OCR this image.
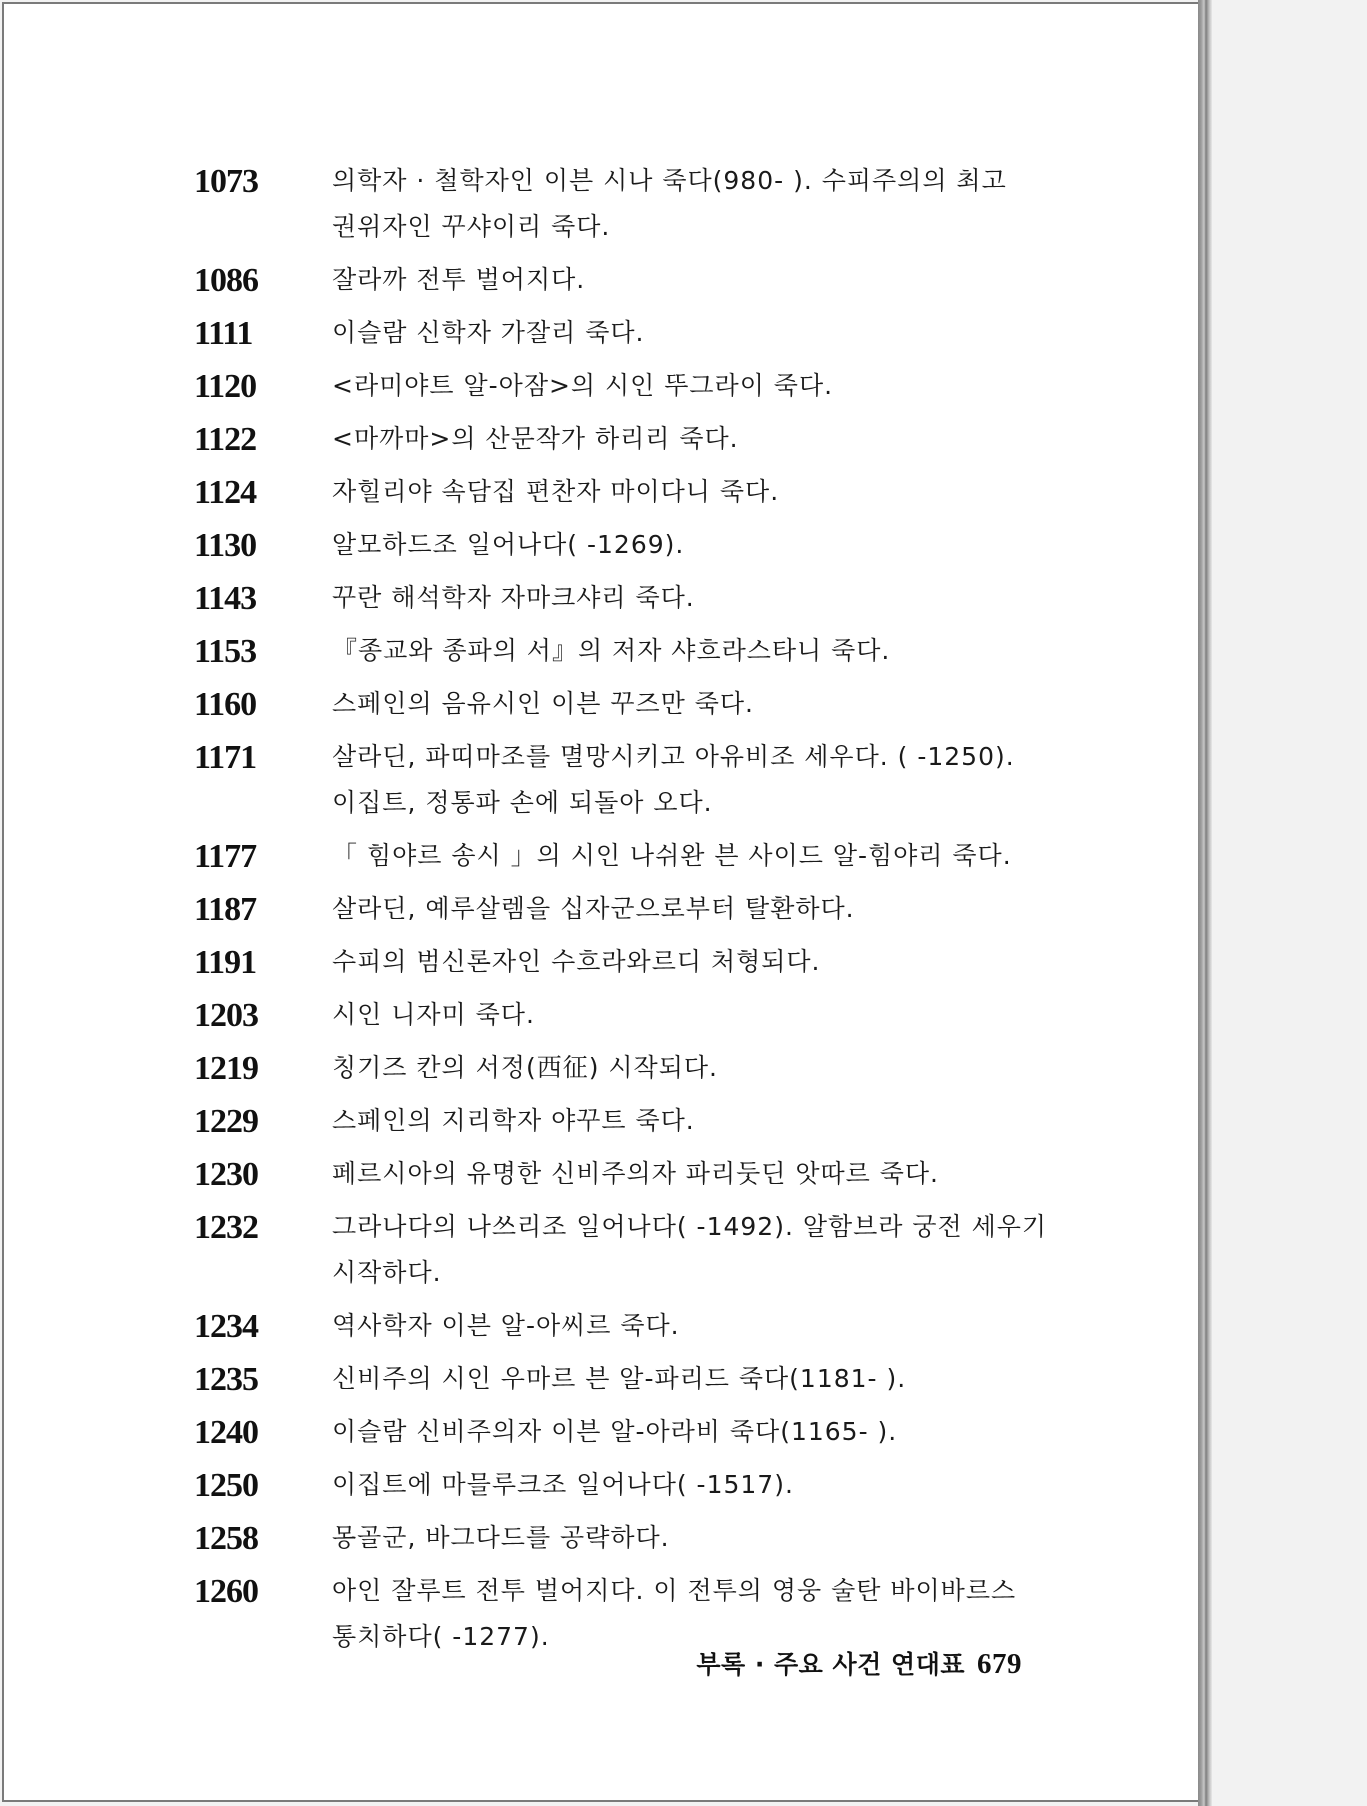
1073	의학자 · 철학자인 이븐 시나 죽다(980- ). 수피주의의 최고 권위자인 꾸샤이리 죽다.
1086	잘라까 전투 벌어지다.
1111	이슬람 신학자 가잘리 죽다.
1120	<라미야트 알-아잠>의 시인 뚜그라이 죽다.
1122	<마까마>의 산문작가 하리리 죽다.
1124	자힐리야 속담집 편찬자 마이다니 죽다.
1130	알모하드조 일어나다( -1269).
1143	꾸란 해석학자 자마크샤리 죽다.
1153	『종교와 종파의 서』의 저자 샤흐라스타니 죽다.
1160	스페인의 음유시인 이븐 꾸즈만 죽다.
1171	살라딘, 파띠마조를 멸망시키고 아유비조 세우다. ( -1250). 이집트, 정통파 손에 되돌아 오다.
1177	「 힘야르 송시 」의 시인 나쉬완 븐 사이드 알-힘야리 죽다.
1187	살라딘, 예루살렘을 십자군으로부터 탈환하다.
1191	수피의 범신론자인 수흐라와르디 처형되다.
1203	시인 니자미 죽다.
1219	칭기즈 칸의 서정(西征) 시작되다.
1229	스페인의 지리학자 야꾸트 죽다.
1230	페르시아의 유명한 신비주의자 파리둣딘 앗따르 죽다.
1232	그라나다의 나쓰리조 일어나다( -1492). 알함브라 궁전 세우기 시작하다.
1234	역사학자 이븐 알-아씨르 죽다.
1235	신비주의 시인 우마르 븐 알-파리드 죽다(1181- ).
1240	이슬람 신비주의자 이븐 알-아라비 죽다(1165- ).
1250	이집트에 마믈루크조 일어나다( -1517).
1258	몽골군, 바그다드를 공략하다.
1260	아인 잘루트 전투 벌어지다. 이 전투의 영웅 술탄 바이바르스 통치하다( -1277).
부록 · 주요 사건 연대표 679
